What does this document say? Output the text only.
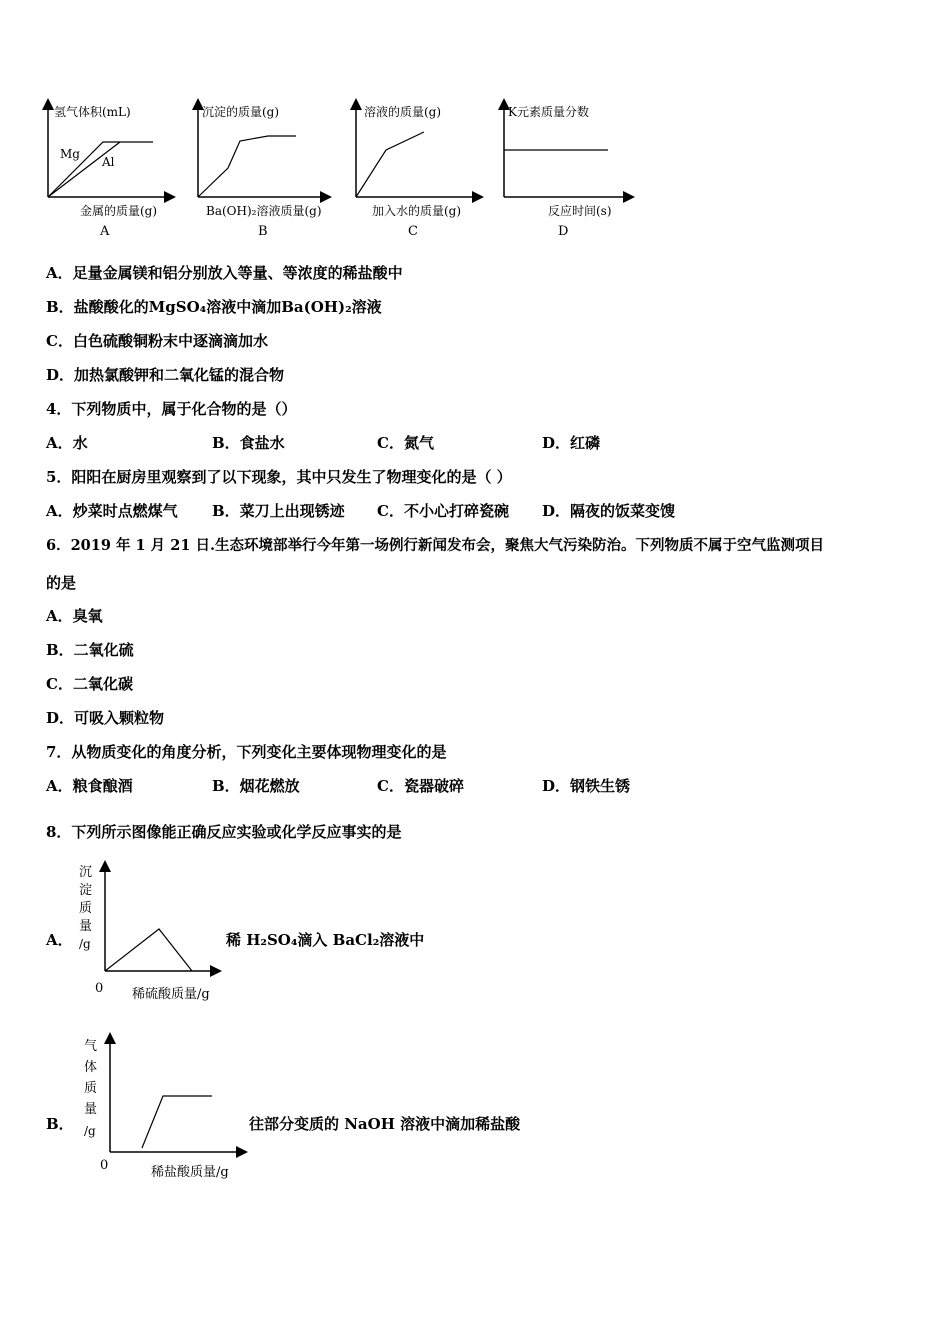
氢气体积(mL)
Mg
Al
金属的质量(g)
A
沉淀的质量(g)
Ba(OH)₂溶液质量(g)
B
溶液的质量(g)
加入水的质量(g)
C
K元素质量分数
反应时间(s)
D
A．足量金属镁和铝分别放入等量、等浓度的稀盐酸中
B．盐酸酸化的MgSO₄溶液中滴加Ba(OH)₂溶液
C．白色硫酸铜粉末中逐滴滴加水
D．加热氯酸钾和二氧化锰的混合物
4．下列物质中，属于化合物的是（）
A．水	B．食盐水	C．氮气	D．红磷
5．阳阳在厨房里观察到了以下现象，其中只发生了物理变化的是（ ）
A．炒菜时点燃煤气 B．菜刀上出现锈迹 C．不小心打碎瓷碗 D．隔夜的饭菜变馊
6．2019 年 1 月 21 日.生态环境部举行今年第一场例行新闻发布会，聚焦大气污染防治。下列物质不属于空气监测项目
的是
A．臭氧
B．二氧化硫
C．二氧化碳
D．可吸入颗粒物
7．从物质变化的角度分析，下列变化主要体现物理变化的是
A．粮食酿酒	B．烟花燃放	C．瓷器破碎	D．钢铁生锈
8．下列所示图像能正确反应实验或化学反应事实的是
A．
沉
淀
质
量
/g
0 稀硫酸质量/g
稀 H₂SO₄滴入 BaCl₂溶液中
B．
气
体
质
量
/g
0	稀盐酸质量/g
往部分变质的 NaOH 溶液中滴加稀盐酸
